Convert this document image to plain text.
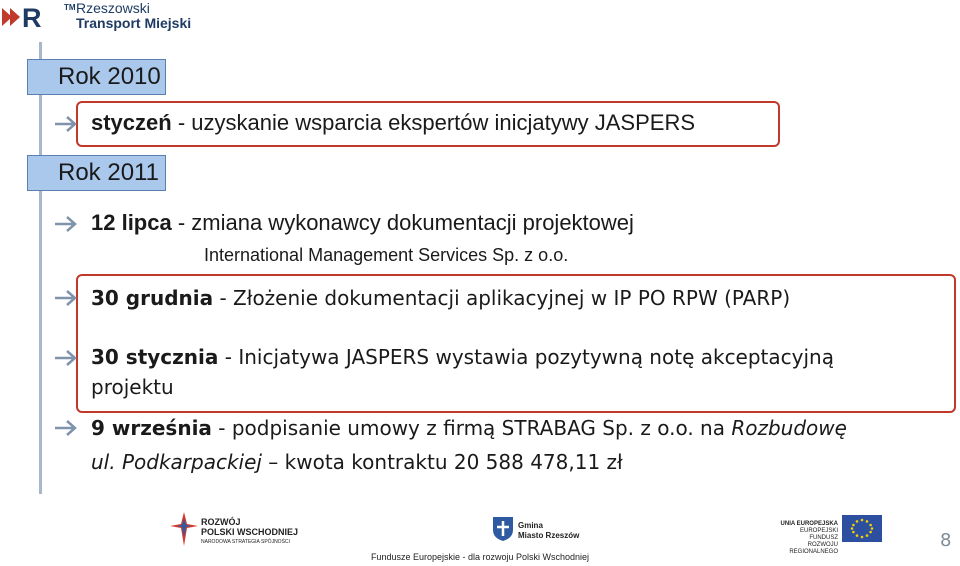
R	TM Rzeszowski
Transport Miejski
Rok 2010
Rok 2011
styczeń - uzyskanie wsparcia ekspertów inicjatywy JASPERS
12 lipca - zmiana wykonawcy dokumentacji projektowej
International Management Services Sp. z o.o.
30 grudnia - Złożenie dokumentacji aplikacyjnej w IP PO RPW (PARP)
30 stycznia - Inicjatywa JASPERS wystawia pozytywną notę akceptacyjną
projektu
9 września - podpisanie umowy z firmą STRABAG Sp. z o.o. na Rozbudowę
ul. Podkarpackiej – kwota kontraktu 20 588 478,11 zł
ROZWÓJ
POLSKI WSCHODNIEJ
NARODOWA STRATEGIA SPÓJNOŚCI
Gmina
Miasto Rzeszów
UNIA EUROPEJSKA
EUROPEJSKI FUNDUSZ
ROZWOJU REGIONALNEGO
Fundusze Europejskie - dla rozwoju Polski Wschodniej
8
